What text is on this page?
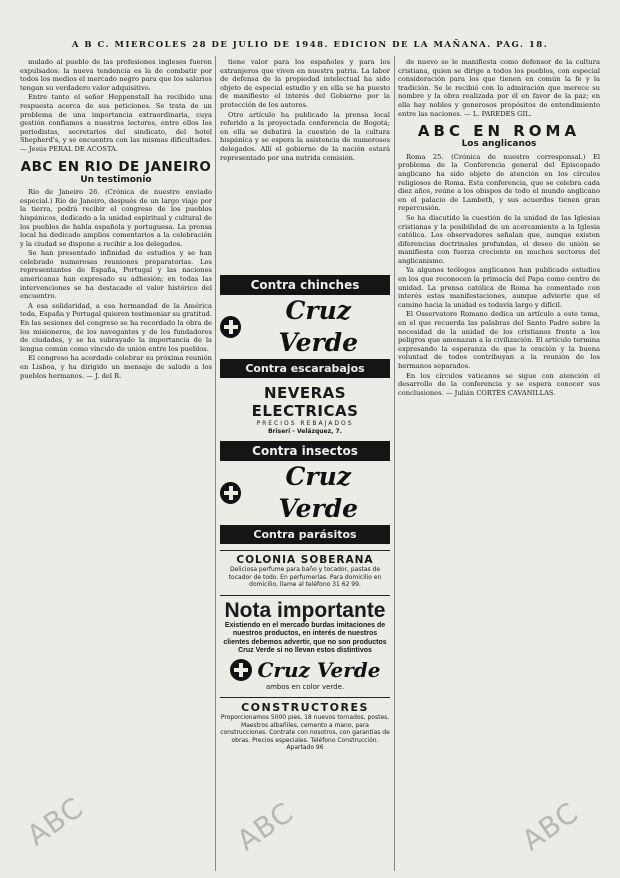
A B C. MIERCOLES 28 DE JULIO DE 1948. EDICION DE LA MAÑANA. PAG. 18.

mulado al pueblo de las profesiones ingleses fueron expulsados: la nueva tendencia es la de combatir por todos los medios el mercado negro para que los salarios tengan su verdadero valor adquisitivo.

Entre tanto el señor Heppenstall ha recibido una respuesta acerca de sus peticiones. Se trata de un problema de una importancia extraordinaria, cuya gestión confiamos a nuestros lectores, entre ellos los periodistas, secretarios del sindicato, del hotel Shepherd's, y se encuentra con las mismas dificultades. — Jesús PERAL DE ACOSTA.

ABC EN RIO DE JANEIRO
Un testimonio

Río de Janeiro 26. (Crónica de nuestro enviado especial.) Río de Janeiro, después de un largo viaje por la tierra, podrá recibir el congreso de los pueblos hispánicos, dedicado a la unidad espiritual y cultural de los pueblos de habla española y portuguesa. La prensa local ha dedicado amplios comentarios a la celebración y la ciudad se dispone a recibir a los delegados.

Se han presentado infinidad de estudios y se han celebrado numerosas reuniones preparatorias. Los representantes de España, Portugal y las naciones americanas han expresado su adhesión; en todas las intervenciones se ha destacado el valor histórico del encuentro.

A esa solidaridad, a esa hermandad de la América toda, España y Portugal quieren testimoniar su gratitud. En las sesiones del congreso se ha recordado la obra de los misioneros, de los navegantes y de los fundadores de ciudades, y se ha subrayado la importancia de la lengua común como vínculo de unión entre los pueblos.

El congreso ha acordado celebrar su próxima reunión en Lisboa, y ha dirigido un mensaje de saludo a los pueblos hermanos. — J. del R.

tiene valor para los españoles y para los extranjeros que viven en nuestra patria. La labor de defensa de la propiedad intelectual ha sido objeto de especial estudio y en ella se ha puesto de manifiesto el interés del Gobierno por la protección de los autores.

Otro artículo ha publicado la prensa local referido a la proyectada conferencia de Bogotá; en ella se debatirá la cuestión de la cultura hispánica y se espera la asistencia de numerosos delegados. Allí el gobierno de la nación estará representado por una nutrida comisión.

Contra chinches
Cruz Verde
Contra escarabajos
NEVERAS ELECTRICAS
PRECIOS REBAJADOS
Briseri - Velázquez, 7.
Contra insectos
Cruz Verde
Contra parásitos
COLONIA SOBERANA
Deliciosa perfume para baño y tocador, pastas de tocador de todo. En perfumerías. Para domicilio en domicilio, llame al teléfono 31 62 99.
Nota importante
Existiendo en el mercado burdas imitaciones de nuestros productos, en interés de nuestros clientes debemos advertir, que no son productos Cruz Verde si no llevan estos distintivos
Cruz Verde
ambos en color verde.
CONSTRUCTORES
Proporcionamos 5000 pies, 18 nuevos tornados, postes, Maestros albañiles, cemento a mano, para construcciones. Contrate con nosotros, con garantías de obras. Precios especiales. Teléfono Construcción. Apartado 96

de nuevo se le manifiesta como defensor de la cultura cristiana, quien se dirige a todos los pueblos, con especial consideración para los que tienen en común la fe y la tradición. Se le recibió con la admiración que merece su nombre y la obra realizada por él en favor de la paz; en ella hay nobles y generosos propósitos de entendimiento entre las naciones. — L. PAREDES GIL.

ABC EN ROMA
Los anglicanos

Roma 25. (Crónica de nuestro corresponsal.) El problema de la Conferencia general del Episcopado anglicano ha sido objeto de atención en los círculos religiosos de Roma. Esta conferencia, que se celebra cada diez años, reúne a los obispos de todo el mundo anglicano en el palacio de Lambeth, y sus acuerdos tienen gran repercusión.

Se ha discutido la cuestión de la unidad de las Iglesias cristianas y la posibilidad de un acercamiento a la Iglesia católica. Los observadores señalan que, aunque existen diferencias doctrinales profundas, el deseo de unión se manifiesta con fuerza creciente en muchos sectores del anglicanismo.

Ya algunos teólogos anglicanos han publicado estudios en los que reconocen la primacía del Papa como centro de unidad. La prensa católica de Roma ha comentado con interés estas manifestaciones, aunque advierte que el camino hacia la unidad es todavía largo y difícil.

El Osservatore Romano dedica un artículo a este tema, en el que recuerda las palabras del Santo Padre sobre la necesidad de la unidad de los cristianos frente a los peligros que amenazan a la civilización. El artículo termina expresando la esperanza de que la oración y la buena voluntad de todos contribuyan a la reunión de los hermanos separados.

En los círculos vaticanos se sigue con atención el desarrollo de la conferencia y se espera conocer sus conclusiones. — Julián CORTÉS CAVANILLAS.

ABC	ABC	ABC
